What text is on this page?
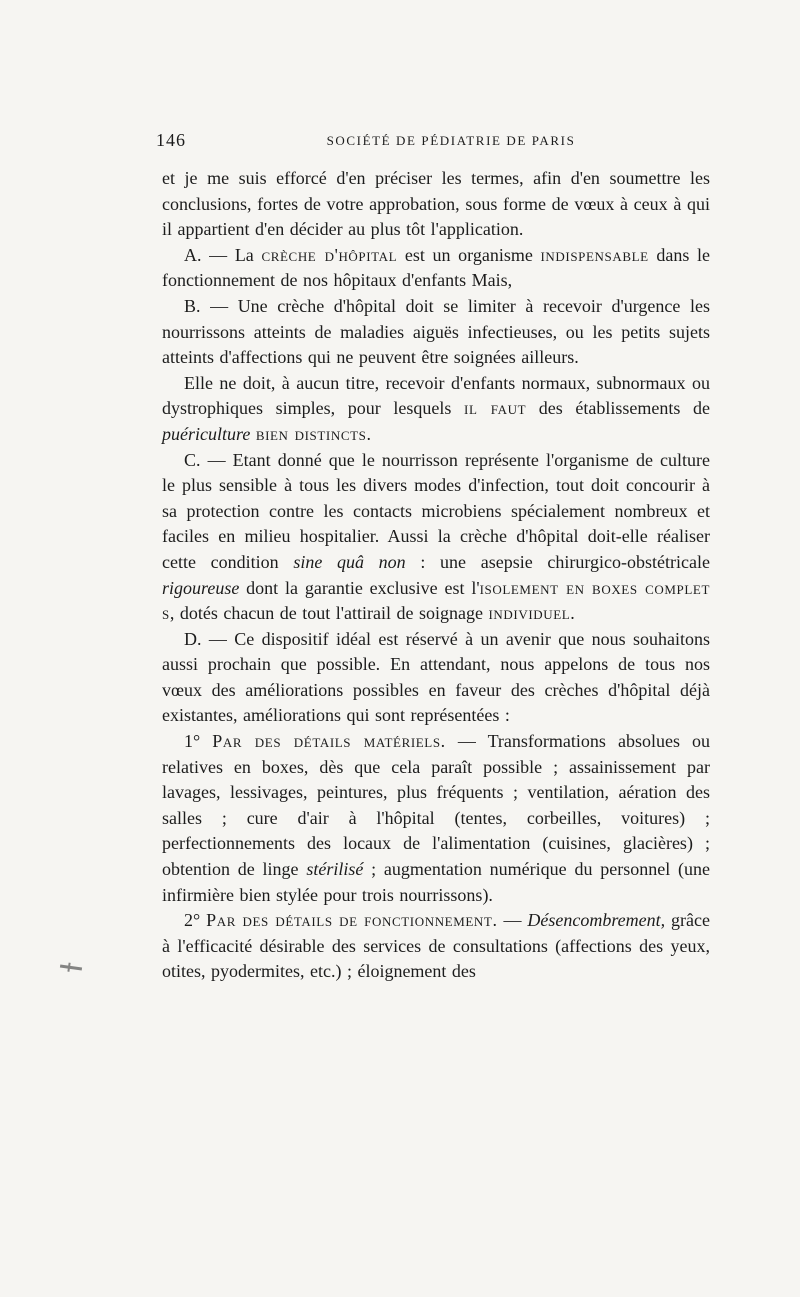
146	SOCIÉTÉ DE PÉDIATRIE DE PARIS

et je me suis efforcé d'en préciser les termes, afin d'en soumettre les conclusions, fortes de votre approbation, sous forme de vœux à ceux à qui il appartient d'en décider au plus tôt l'application.

A. — La crèche d'hôpital est un organisme indispensable dans le fonctionnement de nos hôpitaux d'enfants Mais,

B. — Une crèche d'hôpital doit se limiter à recevoir d'urgence les nourrissons atteints de maladies aiguës infectieuses, ou les petits sujets atteints d'affections qui ne peuvent être soignées ailleurs.

Elle ne doit, à aucun titre, recevoir d'enfants normaux, subnormaux ou dystrophiques simples, pour lesquels il faut des établissements de puériculture bien distincts.

C. — Etant donné que le nourrisson représente l'organisme de culture le plus sensible à tous les divers modes d'infection, tout doit concourir à sa protection contre les contacts microbiens spécialement nombreux et faciles en milieu hospitalier. Aussi la crèche d'hôpital doit-elle réaliser cette condition sine quâ non : une asepsie chirurgico-obstétricale rigoureuse dont la garantie exclusive est l'isolement en boxes complet s, dotés chacun de tout l'attirail de soignage individuel.

D. — Ce dispositif idéal est réservé à un avenir que nous souhaitons aussi prochain que possible. En attendant, nous appelons de tous nos vœux des améliorations possibles en faveur des crèches d'hôpital déjà existantes, améliorations qui sont représentées :

1° Par des détails matériels. — Transformations absolues ou relatives en boxes, dès que cela paraît possible ; assainissement par lavages, lessivages, peintures, plus fréquents ; ventilation, aération des salles ; cure d'air à l'hôpital (tentes, corbeilles, voitures) ; perfectionnements des locaux de l'alimentation (cuisines, glacières) ; obtention de linge stérilisé ; augmentation numérique du personnel (une infirmière bien stylée pour trois nourrissons).

2° Par des détails de fonctionnement. — Désencombrement, grâce à l'efficacité désirable des services de consultations (affections des yeux, otites, pyodermites, etc.) ; éloignement des
